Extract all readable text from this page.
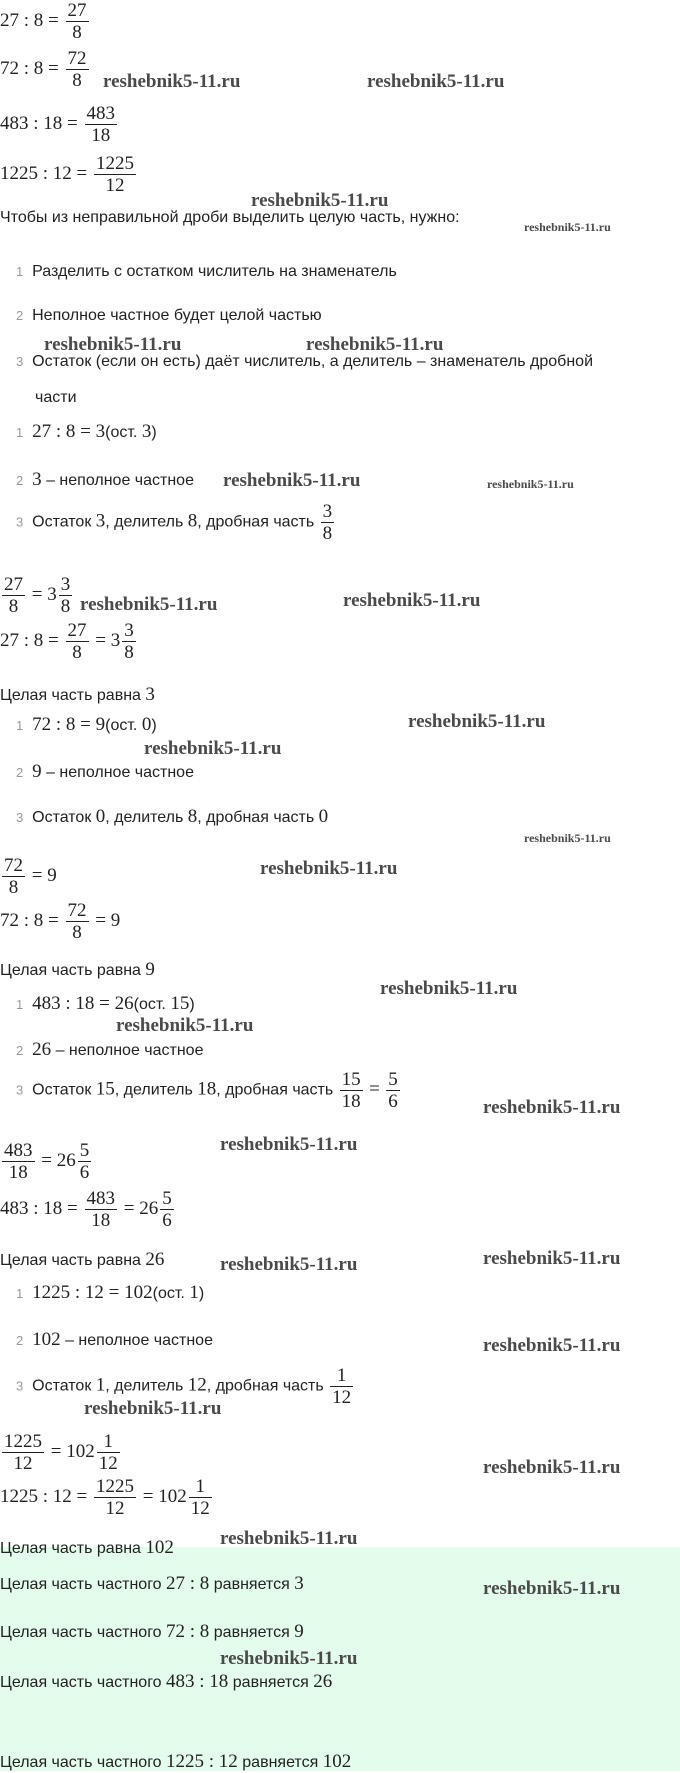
27 : $8 = \frac{27}{8}$
72 : $8 = \frac{72}{8}$
483 : $18 = \frac{483}{18}$
1225 : $12 = \frac{1225}{12}$
Чтобы из неправильной дроби выделить целую часть, нужно:
1 Разделить с остатком числитель на знаменатель
2 Неполное частное будет целой частью
3 Остаток (если он есть) даёт числитель, а делитель – знаменатель дробной
части
1 27 : 8 = 3(ост. 3)
2 3 – неполное частное
3 Остаток 3, делитель 8, дробная часть $\frac{3}{8}$
$\frac{27}{8} = 3 \frac{3}{8}$
27 : $8 = \frac{27}{8} = 3 \frac{3}{8}$
Целая часть равна 3
1 72 : 8 = 9(ост. 0)
2 9 – неполное частное
3 Остаток 0, делитель 8, дробная часть 0
$\frac{72}{8} = 9$
72 : $8 = \frac{72}{8} = 9$
Целая часть равна 9
1 483 : 18 = 26(ост. 15)
2 26 – неполное частное
3 Остаток 15, делитель 18, дробная часть $\frac{15}{18} = \frac{5}{6}$
$\frac{483}{18} = 26 \frac{5}{6}$
483 : $18 = \frac{483}{18} = 26 \frac{5}{6}$
Целая часть равна 26
1 1225 : 12 = 102(ост. 1)
2 102 – неполное частное
3 Остаток 1, делитель 12, дробная часть $\frac{1}{12}$
$\frac{1225}{12} = 102 \frac{1}{12}$
1225 : $12 = \frac{1225}{12} = 102 \frac{1}{12}$
Целая часть равна 102
Целая часть частного 27 : 8 равняется 3
Целая часть частного 72 : 8 равняется 9
Целая часть частного 483 : 18 равняется 26
Целая часть частного 1225 : 12 равняется 102
reshebnik5-11.ru	reshebnik5-11.ru
reshebnik5-11.ru
reshebnik5-11.ru
reshebnik5-11.ru	reshebnik5-11.ru
reshebnik5-11.ru	reshebnik5-11.ru
reshebnik5-11.ru	reshebnik5-11.ru
reshebnik5-11.ru
reshebnik5-11.ru
reshebnik5-11.ru
reshebnik5-11.ru
reshebnik5-11.ru
reshebnik5-11.ru
reshebnik5-11.ru
reshebnik5-11.ru
reshebnik5-11.ru
reshebnik5-11.ru
reshebnik5-11.ru
reshebnik5-11.ru
reshebnik5-11.ru
reshebnik5-11.ru
reshebnik5-11.ru
reshebnik5-11.ru
